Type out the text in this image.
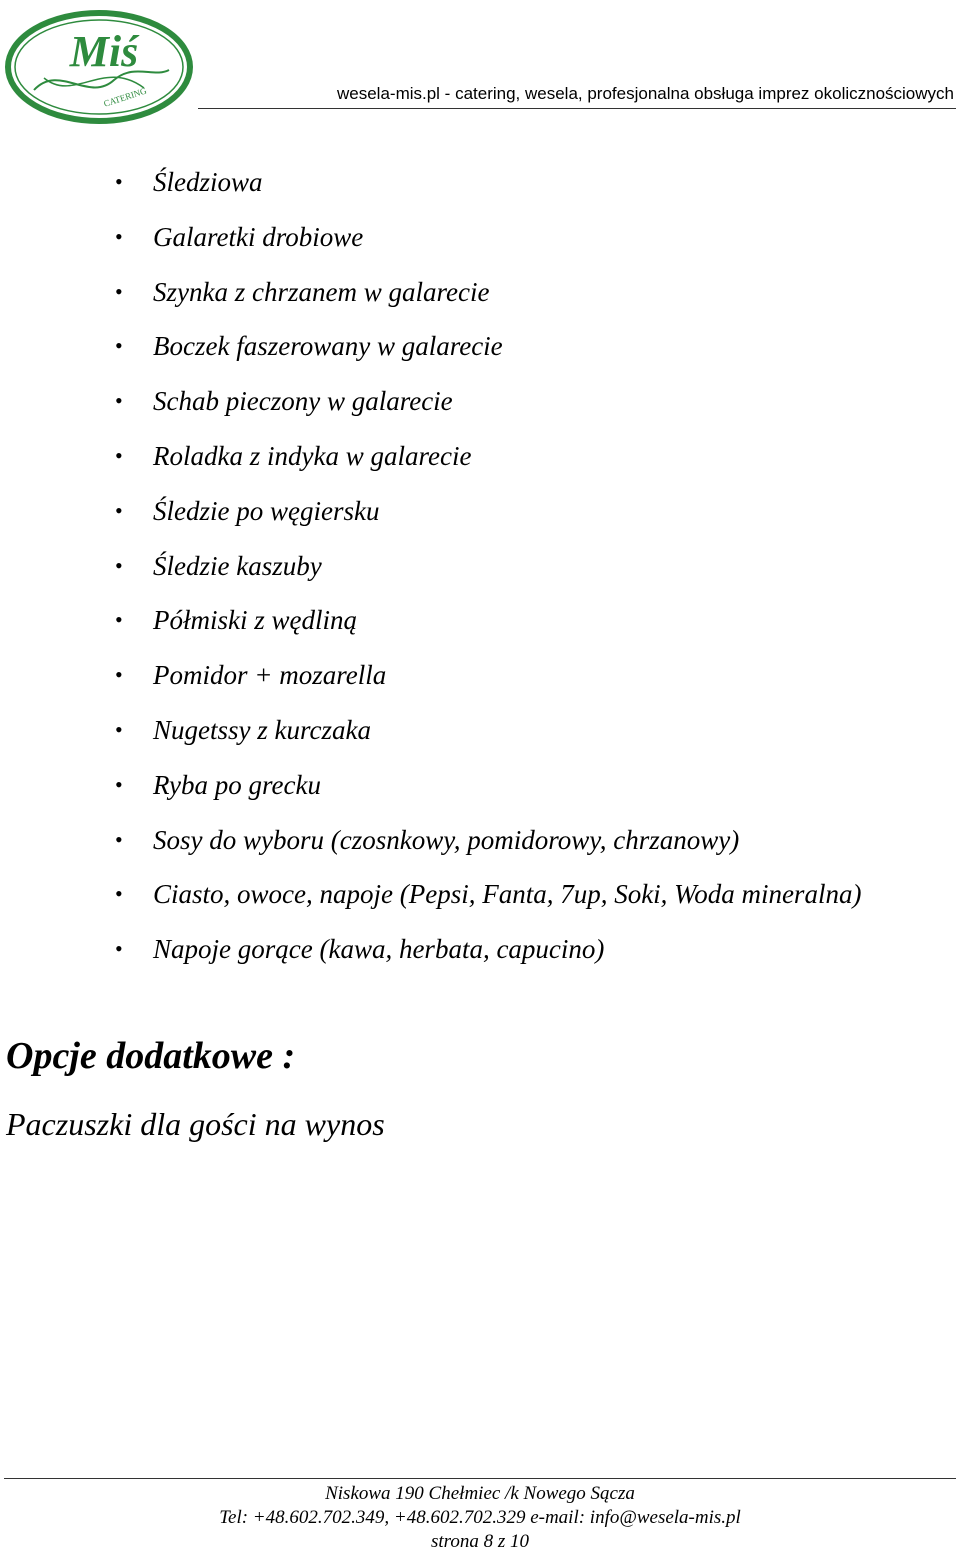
Miś
CATERING	wesela-mis.pl - catering, wesela, profesjonalna obsługa imprez okolicznościowych
• Śledziowa
• Galaretki drobiowe
• Szynka z chrzanem w galarecie
• Boczek faszerowany w galarecie
• Schab pieczony w galarecie
• Roladka z indyka w galarecie
• Śledzie po węgiersku
• Śledzie kaszuby
• Półmiski z wędliną
• Pomidor + mozarella
• Nugetssy z kurczaka
• Ryba po grecku
• Sosy do wyboru (czosnkowy, pomidorowy, chrzanowy)
• Ciasto, owoce, napoje (Pepsi, Fanta, 7up, Soki, Woda mineralna)
• Napoje gorące (kawa, herbata, capucino)
Opcje dodatkowe :
Paczuszki dla gości na wynos
Niskowa 190 Chełmiec /k Nowego Sącza
Tel: +48.602.702.349, +48.602.702.329 e-mail: info@wesela-mis.pl
strona 8 z 10
